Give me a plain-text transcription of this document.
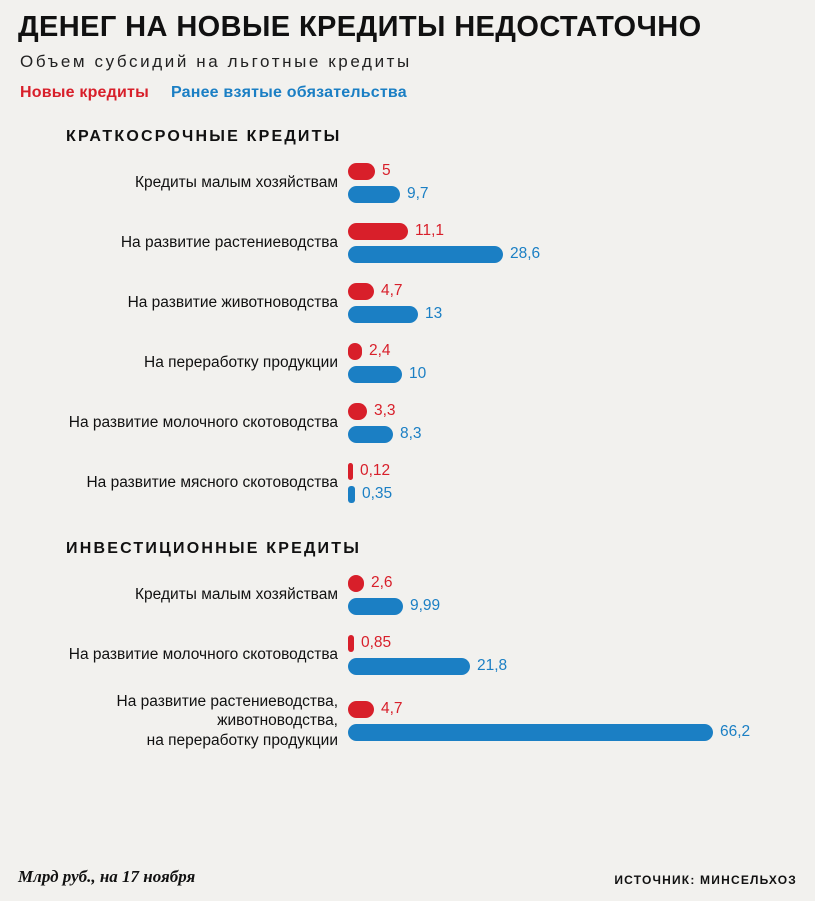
ДЕНЕГ НА НОВЫЕ КРЕДИТЫ НЕДОСТАТОЧНО
Объем субсидий на льготные кредиты
Новые кредиты Ранее взятые обязательства
КРАТКОСРОЧНЫЕ КРЕДИТЫ
Кредиты малым хозяйствам
5
9,7
На развитие растениеводства
11,1
28,6
На развитие животноводства
4,7
13
На переработку продукции
2,4
10
На развитие молочного скотоводства
3,3
8,3
На развитие мясного скотоводства
0,12
0,35
ИНВЕСТИЦИОННЫЕ КРЕДИТЫ
Кредиты малым хозяйствам
2,6
9,99
На развитие молочного скотоводства
0,85
21,8
На развитие растениеводства,
животноводства,
на переработку продукции
4,7
66,2
Млрд руб., на 17 ноября	ИСТОЧНИК: МИНСЕЛЬХОЗ
